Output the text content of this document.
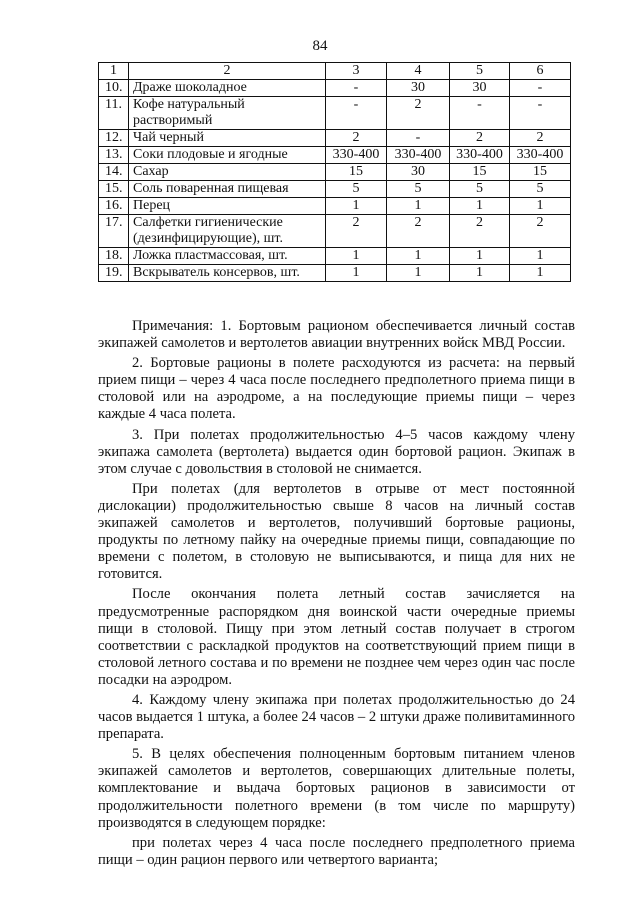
84
1	2	3	4	5	6
10.	Драже шоколадное	-	30	30	-
11.	Кофе натуральный растворимый	-	2	-	-
12.	Чай черный	2	-	2	2
13.	Соки плодовые и ягодные	330-400	330-400	330-400	330-400
14.	Сахар	15	30	15	15
15.	Соль поваренная пищевая	5	5	5	5
16.	Перец	1	1	1	1
17.	Салфетки гигиенические (дезинфицирующие), шт.	2	2	2	2
18.	Ложка пластмассовая, шт.	1	1	1	1
19.	Вскрыватель консервов, шт.	1	1	1	1

Примечания: 1. Бортовым рационом обеспечивается личный состав экипажей самолетов и вертолетов авиации внутренних войск МВД России.

2. Бортовые рационы в полете расходуются из расчета: на первый прием пищи – через 4 часа после последнего предполетного приема пищи в столовой или на аэродроме, а на последующие приемы пищи – через каждые 4 часа полета.

3. При полетах продолжительностью 4–5 часов каждому члену экипажа самолета (вертолета) выдается один бортовой рацион. Экипаж в этом случае с довольствия в столовой не снимается.

При полетах (для вертолетов в отрыве от мест постоянной дислокации) продолжительностью свыше 8 часов на личный состав экипажей самолетов и вертолетов, получивший бортовые рационы, продукты по летному пайку на очередные приемы пищи, совпадающие по времени с полетом, в столовую не выписываются, и пища для них не готовится.

После окончания полета летный состав зачисляется на предусмотренные распорядком дня воинской части очередные приемы пищи в столовой. Пищу при этом летный состав получает в строгом соответствии с раскладкой продуктов на соответствующий прием пищи в столовой летного состава и по времени не позднее чем через один час после посадки на аэродром.

4. Каждому члену экипажа при полетах продолжительностью до 24 часов выдается 1 штука, а более 24 часов – 2 штуки драже поливитаминного препарата.

5. В целях обеспечения полноценным бортовым питанием членов экипажей самолетов и вертолетов, совершающих длительные полеты, комплектование и выдача бортовых рационов в зависимости от продолжительности полетного времени (в том числе по маршруту) производятся в следующем порядке:

при полетах через 4 часа после последнего предполетного приема пищи – один рацион первого или четвертого варианта;
